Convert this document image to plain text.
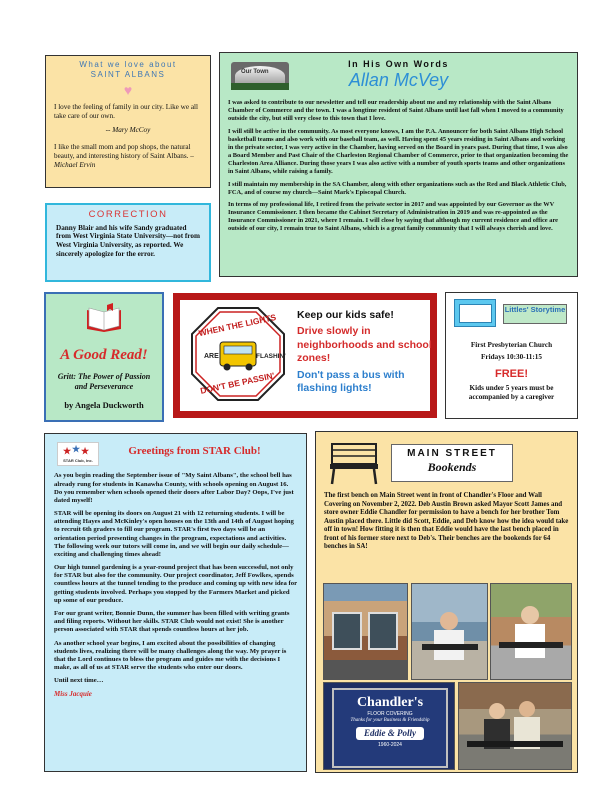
What we love about
SAINT ALBANS
♥

I love the feeling of family in our city. Like we all take care of our own.

-- Mary McCoy

I like the small mom and pop shops, the natural beauty, and interesting history of Saint Albans. – Michael Ervin

CORRECTION
Danny Blair and his wife Sandy graduated from West Virginia State University—not from West Virginia University, as reported. We sincerely apologize for the error.
Our Town
In His Own Words
Allan McVey

I was asked to contribute to our newsletter and tell our readership about me and my relationship with the Saint Albans Chamber of Commerce and the town. I was a longtime resident of Saint Albans until last fall when I moved to a community outside the city, but still very close to this town that I love.

I will still be active in the community. As most everyone knows, I am the P.A. Announcer for both Saint Albans High School basketball teams and also work with our baseball team, as well. Having spent 45 years residing in Saint Albans and working in the private sector, I was very active in the Chamber, having served on the Board in years past. During that time, I was also a Board Member and Past Chair of the Charleston Regional Chamber of Commerce, prior to that organization becoming the Charleston Area Alliance. During those years I was also active with a number of youth sports teams and other organizations in Saint Albans, while raising a family.

I still maintain my membership in the SA Chamber, along with other organizations such as the Red and Black Athletic Club, FCA, and of course my church—Saint Mark's Episcopal Church.

In terms of my professional life, I retired from the private sector in 2017 and was appointed by our Governor as the WV Insurance Commissioner. I then became the Cabinet Secretary of Administration in 2019 and was re-appointed as the Insurance Commissioner in 2021, where I remain. I will close by saying that although my current residence and office are outside of our city, I remain true to Saint Albans, which is a great family community that I will always cherish and love.

A Good Read!
Gritt: The Power of Passion and Perseverance
by Angela Duckworth
WHEN THE LIGHTS
ARE	FLASHIN'
DON'T BE PASSIN'
Keep our kids safe!
Drive slowly in neighborhoods and school zones!
Don't pass a bus with flashing lights!
Littles' Storytime
First Presbyterian Church
Fridays 10:30-11:15
FREE!
Kids under 5 years must be accompanied by a caregiver
★ ★ ★
STAR Club, Inc.
Greetings from STAR Club!

As you begin reading the September issue of "My Saint Albans", the school bell has already rung for students in Kanawha County, with schools opening on August 16. Do you remember when schools opened their doors after Labor Day? Oops, I've just dated myself!

STAR will be opening its doors on August 21 with 12 returning students. I will be attending Hayes and McKinley's open houses on the 13th and 14th of August hoping to recruit 6th graders to fill our program. STAR's first two days will be an orientation period presenting changes in the program, expectations and activities. The following week our tutors will come in, and we will begin our daily schedule—exciting and challenging times ahead!

Our high tunnel gardening is a year-round project that has been successful, not only for STAR but also for the community. Our project coordinator, Jeff Fowlkes, spends countless hours at the tunnel tending to the produce and coming up with new idea for getting students involved. Perhaps you stopped by the Farmers Market and picked up some of our produce.

For our grant writer, Bonnie Dunn, the summer has been filled with writing grants and filing reports. Without her skills. STAR Club would not exist! She is another person associated with STAR that spends countless hours at her job.

As another school year begins, I am excited about the possibilities of changing students lives, realizing there will be many challenges along the way. My prayer is that the Lord continues to bless the program and guides me with the decisions I make, as all of us at STAR serve the students who enter our doors.

Until next time…

Miss Jacquie
MAIN STREET
Bookends
The first bench on Main Street went in front of Chandler's Floor and Wall Covering on November 2, 2022. Deb Austin Brown asked Mayor Scott James and store owner Eddie Chandler for permission to have a bench for her brother Tom Austin placed there. Little did Scott, Eddie, and Deb know how the idea would take off in town! How fitting it is then that Eddie would have the last bench placed in front of his former store next to Deb's. Their benches are the bookends for 64 benches in SA!
Chandler's
FLOOR COVERING
Thanks for your Business & Friendship
Eddie & Polly
1960-2024
